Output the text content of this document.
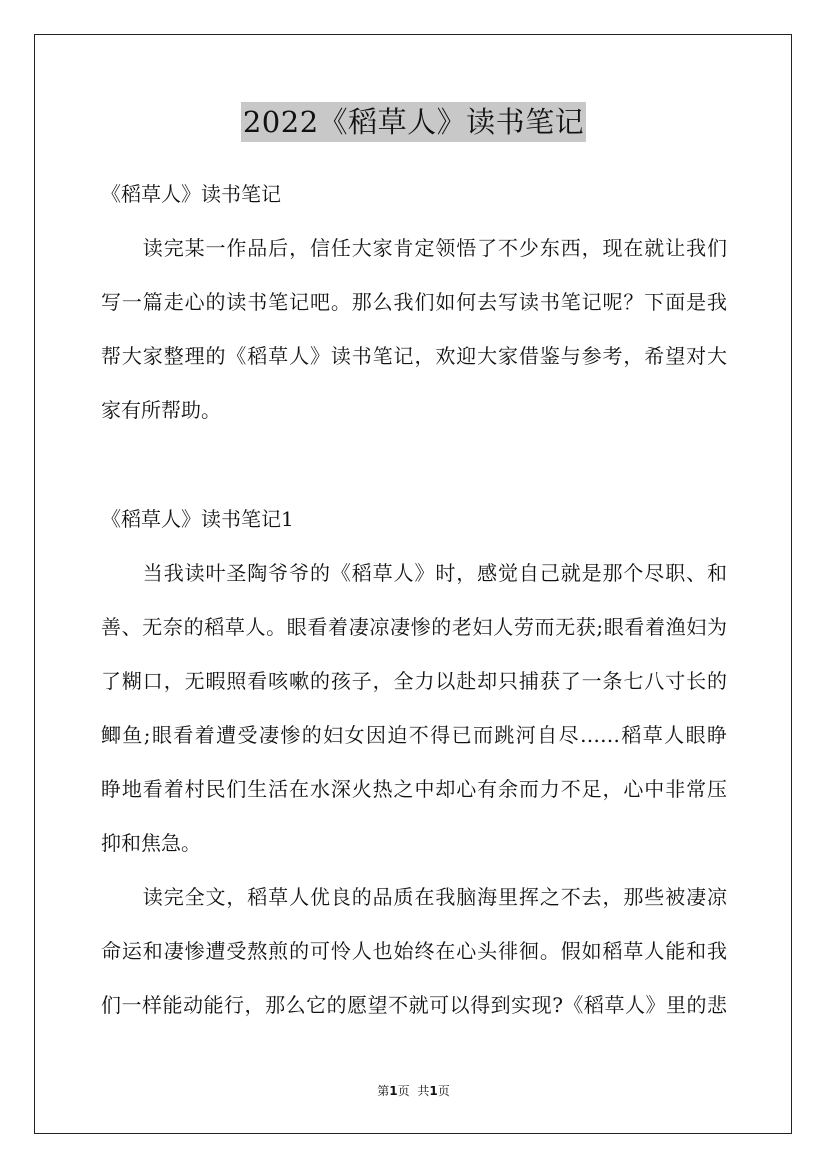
2022《稻草人》读书笔记
《稻草人》读书笔记
　　读完某一作品后，信任大家肯定领悟了不少东西，现在就让我们
写一篇走心的读书笔记吧。那么我们如何去写读书笔记呢？下面是我
帮大家整理的《稻草人》读书笔记，欢迎大家借鉴与参考，希望对大
家有所帮助。
《稻草人》读书笔记1
　　当我读叶圣陶爷爷的《稻草人》时，感觉自己就是那个尽职、和
善、无奈的稻草人。眼看着凄凉凄惨的老妇人劳而无获;眼看着渔妇为
了糊口，无暇照看咳嗽的孩子，全力以赴却只捕获了一条七八寸长的
鲫鱼;眼看着遭受凄惨的妇女因迫不得已而跳河自尽……稻草人眼睁
睁地看着村民们生活在水深火热之中却心有余而力不足，心中非常压
抑和焦急。
　　读完全文，稻草人优良的品质在我脑海里挥之不去，那些被凄凉
命运和凄惨遭受熬煎的可怜人也始终在心头徘徊。假如稻草人能和我
们一样能动能行，那么它的愿望不就可以得到实现?《稻草人》里的悲
第1页 共1页
